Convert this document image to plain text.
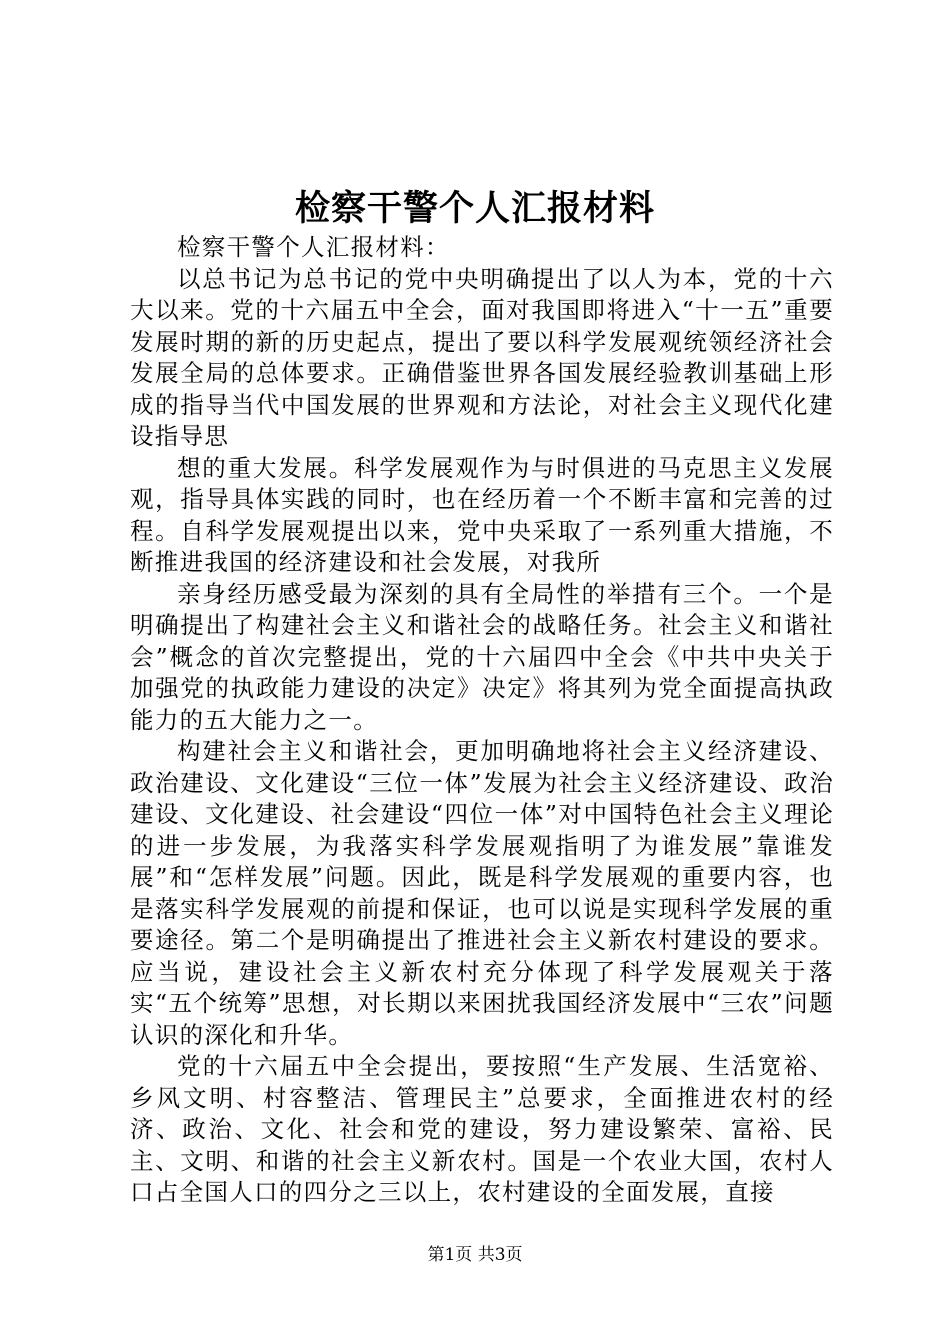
检察干警个人汇报材料

检察干警个人汇报材料：

以总书记为总书记的党中央明确提出了以人为本，党的十六大以来。党的十六届五中全会，面对我国即将进入“十一五”重要发展时期的新的历史起点，提出了要以科学发展观统领经济社会发展全局的总体要求。正确借鉴世界各国发展经验教训基础上形成的指导当代中国发展的世界观和方法论，对社会主义现代化建设指导思

想的重大发展。科学发展观作为与时俱进的马克思主义发展观，指导具体实践的同时，也在经历着一个不断丰富和完善的过程。自科学发展观提出以来，党中央采取了一系列重大措施，不断推进我国的经济建设和社会发展，对我所

亲身经历感受最为深刻的具有全局性的举措有三个。一个是明确提出了构建社会主义和谐社会的战略任务。社会主义和谐社会”概念的首次完整提出，党的十六届四中全会《中共中央关于加强党的执政能力建设的决定》决定》将其列为党全面提高执政能力的五大能力之一。

构建社会主义和谐社会，更加明确地将社会主义经济建设、政治建设、文化建设“三位一体”发展为社会主义经济建设、政治建设、文化建设、社会建设“四位一体”对中国特色社会主义理论的进一步发展，为我落实科学发展观指明了为谁发展”靠谁发展”和“怎样发展”问题。因此，既是科学发展观的重要内容，也是落实科学发展观的前提和保证，也可以说是实现科学发展的重要途径。第二个是明确提出了推进社会主义新农村建设的要求。应当说，建设社会主义新农村充分体现了科学发展观关于落实“五个统筹”思想，对长期以来困扰我国经济发展中“三农”问题认识的深化和升华。

党的十六届五中全会提出，要按照“生产发展、生活宽裕、乡风文明、村容整洁、管理民主”总要求，全面推进农村的经济、政治、文化、社会和党的建设，努力建设繁荣、富裕、民主、文明、和谐的社会主义新农村。国是一个农业大国，农村人口占全国人口的四分之三以上，农村建设的全面发展，直接

第1页 共3页
